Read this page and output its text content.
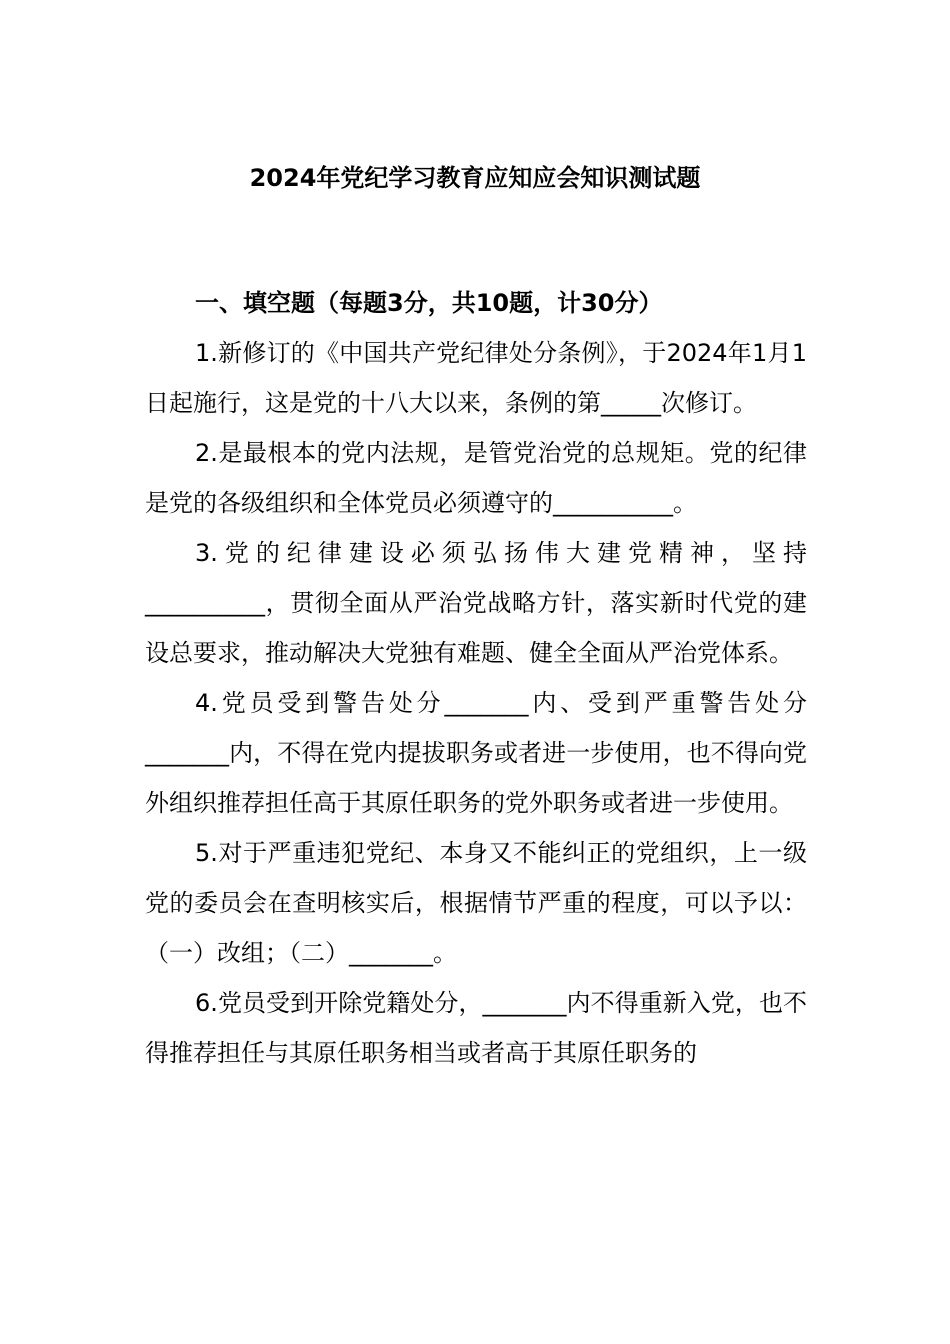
2024年党纪学习教育应知应会知识测试题

一、填空题（每题3分，共10题，计30分）

1.新修订的《中国共产党纪律处分条例》，于2024年1月1日起施行，这是党的十八大以来，条例的第_____次修订。

2.是最根本的党内法规，是管党治党的总规矩。党的纪律是党的各级组织和全体党员必须遵守的__________。

3.党的纪律建设必须弘扬伟大建党精神，坚持__________，贯彻全面从严治党战略方针，落实新时代党的建设总要求，推动解决大党独有难题、健全全面从严治党体系。

4.党员受到警告处分_______内、受到严重警告处分_______内，不得在党内提拔职务或者进一步使用，也不得向党外组织推荐担任高于其原任职务的党外职务或者进一步使用。

5.对于严重违犯党纪、本身又不能纠正的党组织，上一级党的委员会在查明核实后，根据情节严重的程度，可以予以：（一）改组；（二）_______。

6.党员受到开除党籍处分，_______内不得重新入党，也不得推荐担任与其原任职务相当或者高于其原任职务的
